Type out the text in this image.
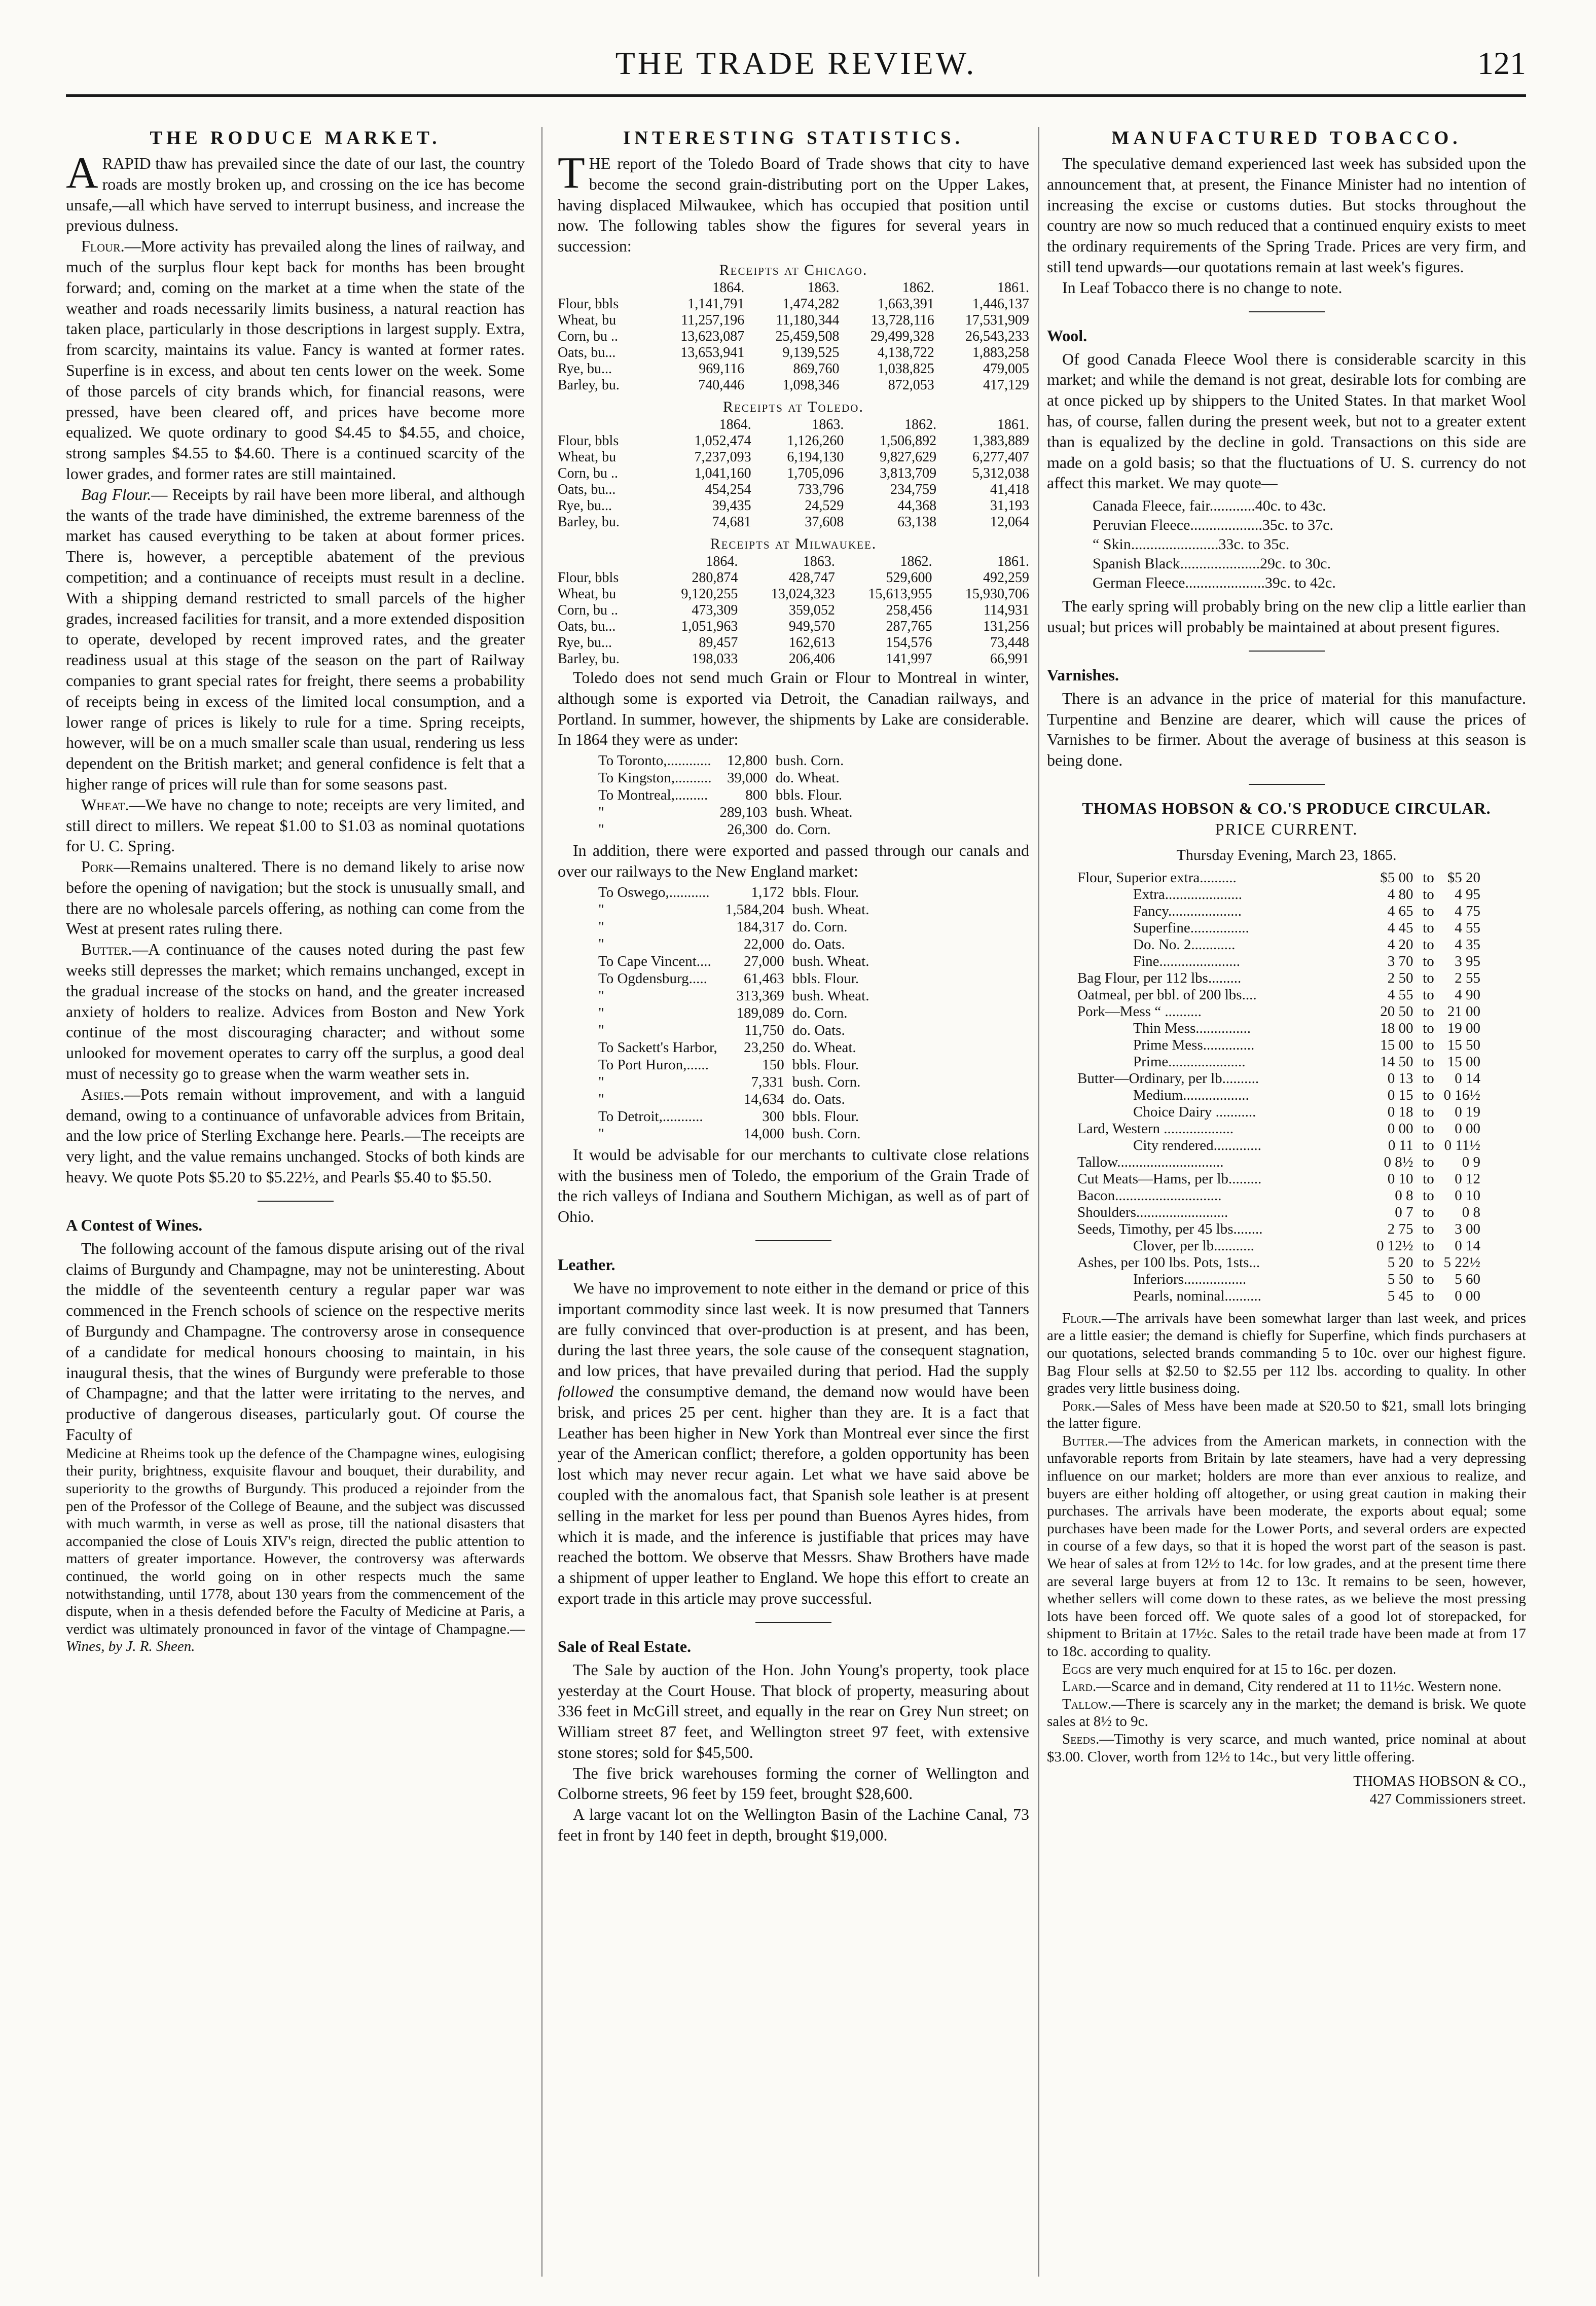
THE TRADE REVIEW.	121
THE RODUCE MARKET.

ARAPID thaw has prevailed since the date of our last, the country roads are mostly broken up, and crossing on the ice has become unsafe,—all which have served to interrupt business, and increase the previous dulness.

Flour.—More activity has prevailed along the lines of railway, and much of the surplus flour kept back for months has been brought forward; and, coming on the market at a time when the state of the weather and roads necessarily limits business, a natural reaction has taken place, particularly in those descriptions in largest supply. Extra, from scarcity, maintains its value. Fancy is wanted at former rates. Superfine is in excess, and about ten cents lower on the week. Some of those parcels of city brands which, for financial reasons, were pressed, have been cleared off, and prices have become more equalized. We quote ordinary to good $4.45 to $4.55, and choice, strong samples $4.55 to $4.60. There is a continued scarcity of the lower grades, and former rates are still maintained.

Bag Flour.— Receipts by rail have been more liberal, and although the wants of the trade have diminished, the extreme barenness of the market has caused everything to be taken at about former prices. There is, however, a perceptible abatement of the previous competition; and a continuance of receipts must result in a decline. With a shipping demand restricted to small parcels of the higher grades, increased facilities for transit, and a more extended disposition to operate, developed by recent improved rates, and the greater readiness usual at this stage of the season on the part of Railway companies to grant special rates for freight, there seems a probability of receipts being in excess of the limited local consumption, and a lower range of prices is likely to rule for a time. Spring receipts, however, will be on a much smaller scale than usual, rendering us less dependent on the British market; and general confidence is felt that a higher range of prices will rule than for some seasons past.

Wheat.—We have no change to note; receipts are very limited, and still direct to millers. We repeat $1.00 to $1.03 as nominal quotations for U. C. Spring.

Pork—Remains unaltered. There is no demand likely to arise now before the opening of navigation; but the stock is unusually small, and there are no wholesale parcels offering, as nothing can come from the West at present rates ruling there.

Butter.—A continuance of the causes noted during the past few weeks still depresses the market; which remains unchanged, except in the gradual increase of the stocks on hand, and the greater increased anxiety of holders to realize. Advices from Boston and New York continue of the most discouraging character; and without some unlooked for movement operates to carry off the surplus, a good deal must of necessity go to grease when the warm weather sets in.

Ashes.—Pots remain without improvement, and with a languid demand, owing to a continuance of unfavorable advices from Britain, and the low price of Sterling Exchange here. Pearls.—The receipts are very light, and the value remains unchanged. Stocks of both kinds are heavy. We quote Pots $5.20 to $5.22½, and Pearls $5.40 to $5.50.

A Contest of Wines.

The following account of the famous dispute arising out of the rival claims of Burgundy and Champagne, may not be uninteresting. About the middle of the seventeenth century a regular paper war was commenced in the French schools of science on the respective merits of Burgundy and Champagne. The controversy arose in consequence of a candidate for medical honours choosing to maintain, in his inaugural thesis, that the wines of Burgundy were preferable to those of Champagne; and that the latter were irritating to the nerves, and productive of dangerous diseases, particularly gout. Of course the Faculty of

Medicine at Rheims took up the defence of the Champagne wines, eulogising their purity, brightness, exquisite flavour and bouquet, their durability, and superiority to the growths of Burgundy. This produced a rejoinder from the pen of the Professor of the College of Beaune, and the subject was discussed with much warmth, in verse as well as prose, till the national disasters that accompanied the close of Louis XIV's reign, directed the public attention to matters of greater importance. However, the controversy was afterwards continued, the world going on in other respects much the same notwithstanding, until 1778, about 130 years from the commencement of the dispute, when in a thesis defended before the Faculty of Medicine at Paris, a verdict was ultimately pronounced in favor of the vintage of Champagne.—Wines, by J. R. Sheen.

INTERESTING STATISTICS.

THE report of the Toledo Board of Trade shows that city to have become the second grain-distributing port on the Upper Lakes, having displaced Milwaukee, which has occupied that position until now. The following tables show the figures for several years in succession:

Receipts at Chicago.
	1864.	1863.	1862.	1861.
Flour, bbls	1,141,791	1,474,282	1,663,391	1,446,137
Wheat, bu	11,257,196	11,180,344	13,728,116	17,531,909
Corn, bu ..	13,623,087	25,459,508	29,499,328	26,543,233
Oats, bu...	13,653,941	9,139,525	4,138,722	1,883,258
Rye, bu...	969,116	869,760	1,038,825	479,005
Barley, bu.	740,446	1,098,346	872,053	417,129
Receipts at Toledo.
	1864.	1863.	1862.	1861.
Flour, bbls	1,052,474	1,126,260	1,506,892	1,383,889
Wheat, bu	7,237,093	6,194,130	9,827,629	6,277,407
Corn, bu ..	1,041,160	1,705,096	3,813,709	5,312,038
Oats, bu...	454,254	733,796	234,759	41,418
Rye, bu...	39,435	24,529	44,368	31,193
Barley, bu.	74,681	37,608	63,138	12,064
Receipts at Milwaukee.
	1864.	1863.	1862.	1861.
Flour, bbls	280,874	428,747	529,600	492,259
Wheat, bu	9,120,255	13,024,323	15,613,955	15,930,706
Corn, bu ..	473,309	359,052	258,456	114,931
Oats, bu...	1,051,963	949,570	287,765	131,256
Rye, bu...	89,457	162,613	154,576	73,448
Barley, bu.	198,033	206,406	141,997	66,991

Toledo does not send much Grain or Flour to Montreal in winter, although some is exported via Detroit, the Canadian railways, and Portland. In summer, however, the shipments by Lake are considerable. In 1864 they were as under:

To Toronto,............	12,800	bush. Corn.
To Kingston,..........	39,000	do. Wheat.
To Montreal,.........	800	bbls. Flour.
"	289,103	bush. Wheat.
"	26,300	do. Corn.

In addition, there were exported and passed through our canals and over our railways to the New England market:

To Oswego,...........	1,172	bbls. Flour.
"	1,584,204	bush. Wheat.
"	184,317	do. Corn.
"	22,000	do. Oats.
To Cape Vincent....	27,000	bush. Wheat.
To Ogdensburg.....	61,463	bbls. Flour.
"	313,369	bush. Wheat.
"	189,089	do. Corn.
"	11,750	do. Oats.
To Sackett's Harbor,	23,250	do. Wheat.
To Port Huron,......	150	bbls. Flour.
"	7,331	bush. Corn.
"	14,634	do. Oats.
To Detroit,...........	300	bbls. Flour.
"	14,000	bush. Corn.

It would be advisable for our merchants to cultivate close relations with the business men of Toledo, the emporium of the Grain Trade of the rich valleys of Indiana and Southern Michigan, as well as of part of Ohio.

Leather.

We have no improvement to note either in the demand or price of this important commodity since last week. It is now presumed that Tanners are fully convinced that over-production is at present, and has been, during the last three years, the sole cause of the consequent stagnation, and low prices, that have prevailed during that period. Had the supply followed the consumptive demand, the demand now would have been brisk, and prices 25 per cent. higher than they are. It is a fact that Leather has been higher in New York than Montreal ever since the first year of the American conflict; therefore, a golden opportunity has been lost which may never recur again. Let what we have said above be coupled with the anomalous fact, that Spanish sole leather is at present selling in the market for less per pound than Buenos Ayres hides, from which it is made, and the inference is justifiable that prices may have reached the bottom. We observe that Messrs. Shaw Brothers have made a shipment of upper leather to England. We hope this effort to create an export trade in this article may prove successful.

Sale of Real Estate.

The Sale by auction of the Hon. John Young's property, took place yesterday at the Court House. That block of property, measuring about 336 feet in McGill street, and equally in the rear on Grey Nun street; on William street 87 feet, and Wellington street 97 feet, with extensive stone stores; sold for $45,500.

The five brick warehouses forming the corner of Wellington and Colborne streets, 96 feet by 159 feet, brought $28,600.

A large vacant lot on the Wellington Basin of the Lachine Canal, 73 feet in front by 140 feet in depth, brought $19,000.

MANUFACTURED TOBACCO.

The speculative demand experienced last week has subsided upon the announcement that, at present, the Finance Minister had no intention of increasing the excise or customs duties. But stocks throughout the country are now so much reduced that a continued enquiry exists to meet the ordinary requirements of the Spring Trade. Prices are very firm, and still tend upwards—our quotations remain at last week's figures.

In Leaf Tobacco there is no change to note.

Wool.

Of good Canada Fleece Wool there is considerable scarcity in this market; and while the demand is not great, desirable lots for combing are at once picked up by shippers to the United States. In that market Wool has, of course, fallen during the present week, but not to a greater extent than is equalized by the decline in gold. Transactions on this side are made on a gold basis; so that the fluctuations of U. S. currency do not affect this market. We may quote—

Canada Fleece, fair............40c. to 43c.
Peruvian Fleece...................35c. to 37c.
“ Skin.......................33c. to 35c.
Spanish Black.....................29c. to 30c.
German Fleece.....................39c. to 42c.

The early spring will probably bring on the new clip a little earlier than usual; but prices will probably be maintained at about present figures.

Varnishes.

There is an advance in the price of material for this manufacture. Turpentine and Benzine are dearer, which will cause the prices of Varnishes to be firmer. About the average of business at this season is being done.

THOMAS HOBSON & CO.'S PRODUCE CIRCULAR.
PRICE CURRENT.
Thursday Evening, March 23, 1865.
Flour, Superior extra..........	$5 00	to	$5 20
Extra.....................	4 80	to	4 95
Fancy....................	4 65	to	4 75
Superfine................	4 45	to	4 55
Do. No. 2............	4 20	to	4 35
Fine......................	3 70	to	3 95
Bag Flour, per 112 lbs.........	2 50	to	2 55
Oatmeal, per bbl. of 200 lbs....	4 55	to	4 90
Pork—Mess “ ..........	20 50	to	21 00
Thin Mess...............	18 00	to	19 00
Prime Mess..............	15 00	to	15 50
Prime.....................	14 50	to	15 00
Butter—Ordinary, per lb..........	0 13	to	0 14
Medium..................	0 15	to	0 16½
Choice Dairy ...........	0 18	to	0 19
Lard, Western ...................	0 00	to	0 00
City rendered.............	0 11	to	0 11½
Tallow.............................	0 8½	to	0 9
Cut Meats—Hams, per lb.........	0 10	to	0 12
Bacon.............................	0 8	to	0 10
Shoulders.........................	0 7	to	0 8
Seeds, Timothy, per 45 lbs........	2 75	to	3 00
Clover, per lb...........	0 12½	to	0 14
Ashes, per 100 lbs. Pots, 1sts...	5 20	to	5 22½
Inferiors.................	5 50	to	5 60
Pearls, nominal..........	5 45	to	0 00

Flour.—The arrivals have been somewhat larger than last week, and prices are a little easier; the demand is chiefly for Superfine, which finds purchasers at our quotations, selected brands commanding 5 to 10c. over our highest figure. Bag Flour sells at $2.50 to $2.55 per 112 lbs. according to quality. In other grades very little business doing.

Pork.—Sales of Mess have been made at $20.50 to $21, small lots bringing the latter figure.

Butter.—The advices from the American markets, in connection with the unfavorable reports from Britain by late steamers, have had a very depressing influence on our market; holders are more than ever anxious to realize, and buyers are either holding off altogether, or using great caution in making their purchases. The arrivals have been moderate, the exports about equal; some purchases have been made for the Lower Ports, and several orders are expected in course of a few days, so that it is hoped the worst part of the season is past. We hear of sales at from 12½ to 14c. for low grades, and at the present time there are several large buyers at from 12 to 13c. It remains to be seen, however, whether sellers will come down to these rates, as we believe the most pressing lots have been forced off. We quote sales of a good lot of storepacked, for shipment to Britain at 17½c. Sales to the retail trade have been made at from 17 to 18c. according to quality.

Eggs are very much enquired for at 15 to 16c. per dozen.

Lard.—Scarce and in demand, City rendered at 11 to 11½c. Western none.

Tallow.—There is scarcely any in the market; the demand is brisk. We quote sales at 8½ to 9c.

Seeds.—Timothy is very scarce, and much wanted, price nominal at about $3.00. Clover, worth from 12½ to 14c., but very little offering.

THOMAS HOBSON & CO.,
427 Commissioners street.
